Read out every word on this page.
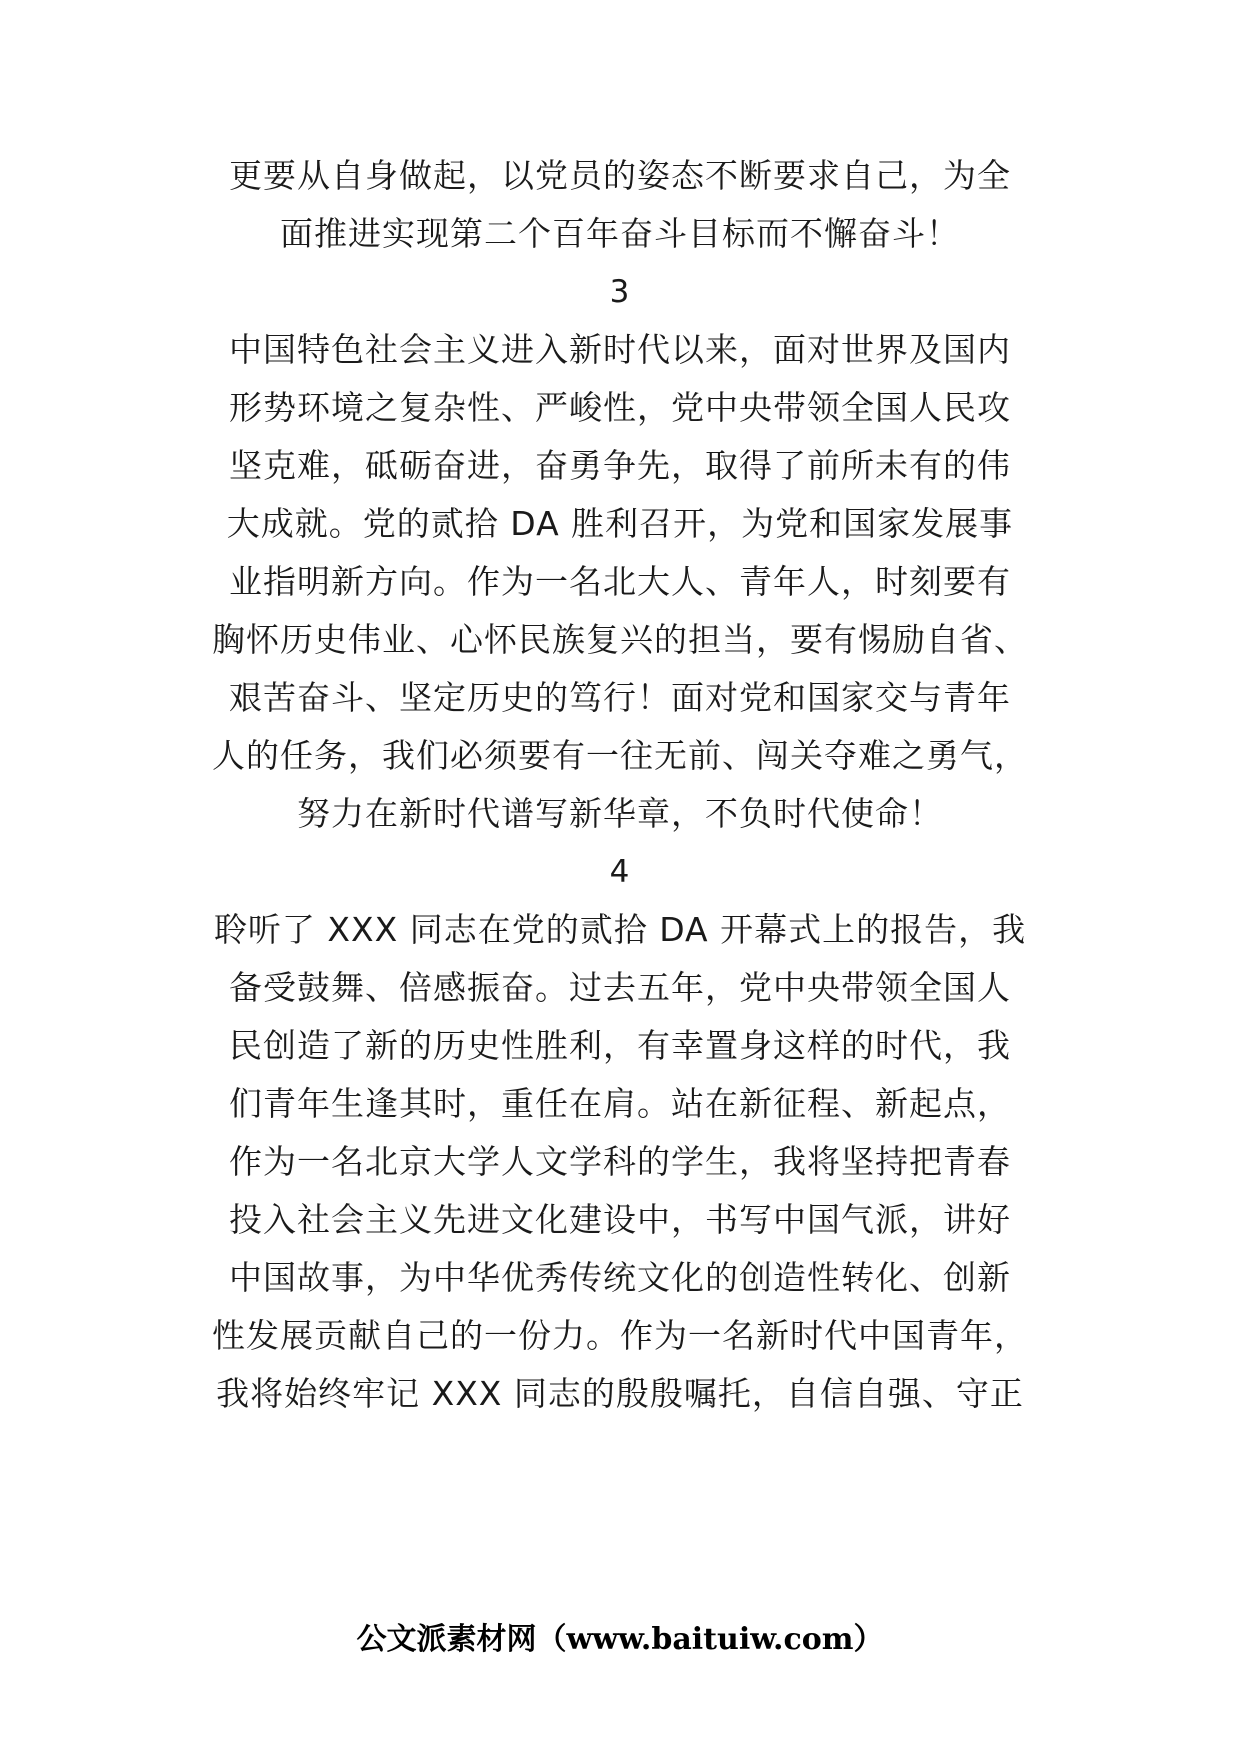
更要从自身做起，以党员的姿态不断要求自己，为全
面推进实现第二个百年奋斗目标而不懈奋斗！
3
中国特色社会主义进入新时代以来，面对世界及国内
形势环境之复杂性、严峻性，党中央带领全国人民攻
坚克难，砥砺奋进，奋勇争先，取得了前所未有的伟
大成就。党的贰拾 DA 胜利召开，为党和国家发展事
业指明新方向。作为一名北大人、青年人，时刻要有
胸怀历史伟业、心怀民族复兴的担当，要有惕励自省、
艰苦奋斗、坚定历史的笃行！面对党和国家交与青年
人的任务，我们必须要有一往无前、闯关夺难之勇气，
努力在新时代谱写新华章，不负时代使命！
4
聆听了 XXX 同志在党的贰拾 DA 开幕式上的报告，我
备受鼓舞、倍感振奋。过去五年，党中央带领全国人
民创造了新的历史性胜利，有幸置身这样的时代，我
们青年生逢其时，重任在肩。站在新征程、新起点，
作为一名北京大学人文学科的学生，我将坚持把青春
投入社会主义先进文化建设中，书写中国气派，讲好
中国故事，为中华优秀传统文化的创造性转化、创新
性发展贡献自己的一份力。作为一名新时代中国青年，
我将始终牢记 XXX 同志的殷殷嘱托，自信自强、守正
公文派素材网（www.baituiw.com）
